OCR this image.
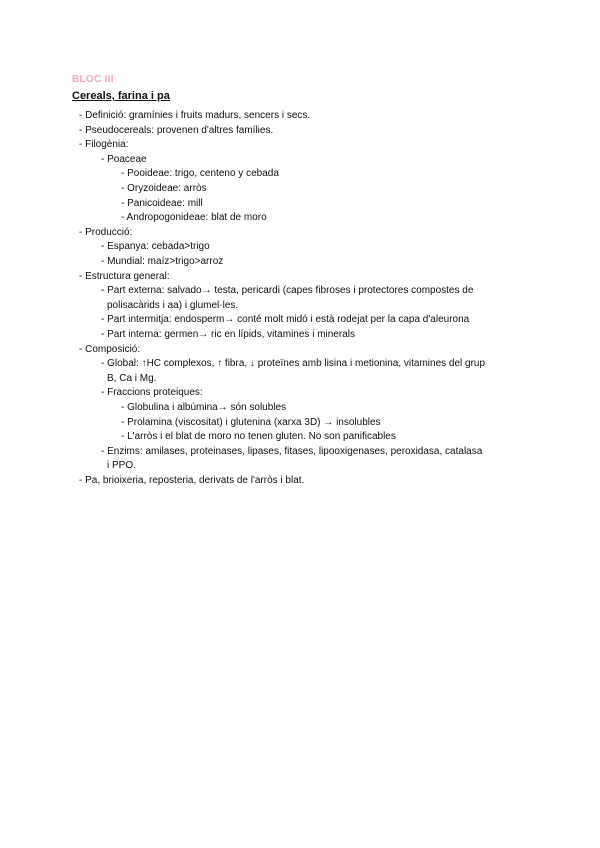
BLOC III
Cereals, farina i pa
- Definició: gramínies i fruits madurs, sencers i secs.
- Pseudocereals: provenen d'altres famílies.
- Filogènia:
- Poaceae
- Pooideae: trigo, centeno y cebada
- Oryzoideae: arròs
- Panicoideae: mill
- Andropogonideae: blat de moro
- Producció:
- Espanya: cebada>trigo
- Mundial: maíz>trigo>arroz
- Estructura general:
- Part externa: salvado→ testa, pericardi (capes fibroses i protectores compostes de
polisacàrids i aa) i glumel·les.
- Part intermitja: endosperm→ conté molt midó i està rodejat per la capa d'aleurona
- Part interna: germen→ ric en lípids, vitamines i minerals
- Composició:
- Global: ↑HC complexos, ↑ fibra, ↓ proteïnes amb lisina i metionina, vitamines del grup
B, Ca i Mg.
- Fraccions proteiques:
- Globulina i albúmina→ són solubles
- Prolamina (viscositat) i glutenina (xarxa 3D) → insolubles
- L'arròs i el blat de moro no tenen gluten. No son panificables
- Enzims: amilases, proteinases, lipases, fitases, lipooxigenases, peroxidasa, catalasa
i PPO.
- Pa, brioixeria, reposteria, derivats de l'arròs i blat.
